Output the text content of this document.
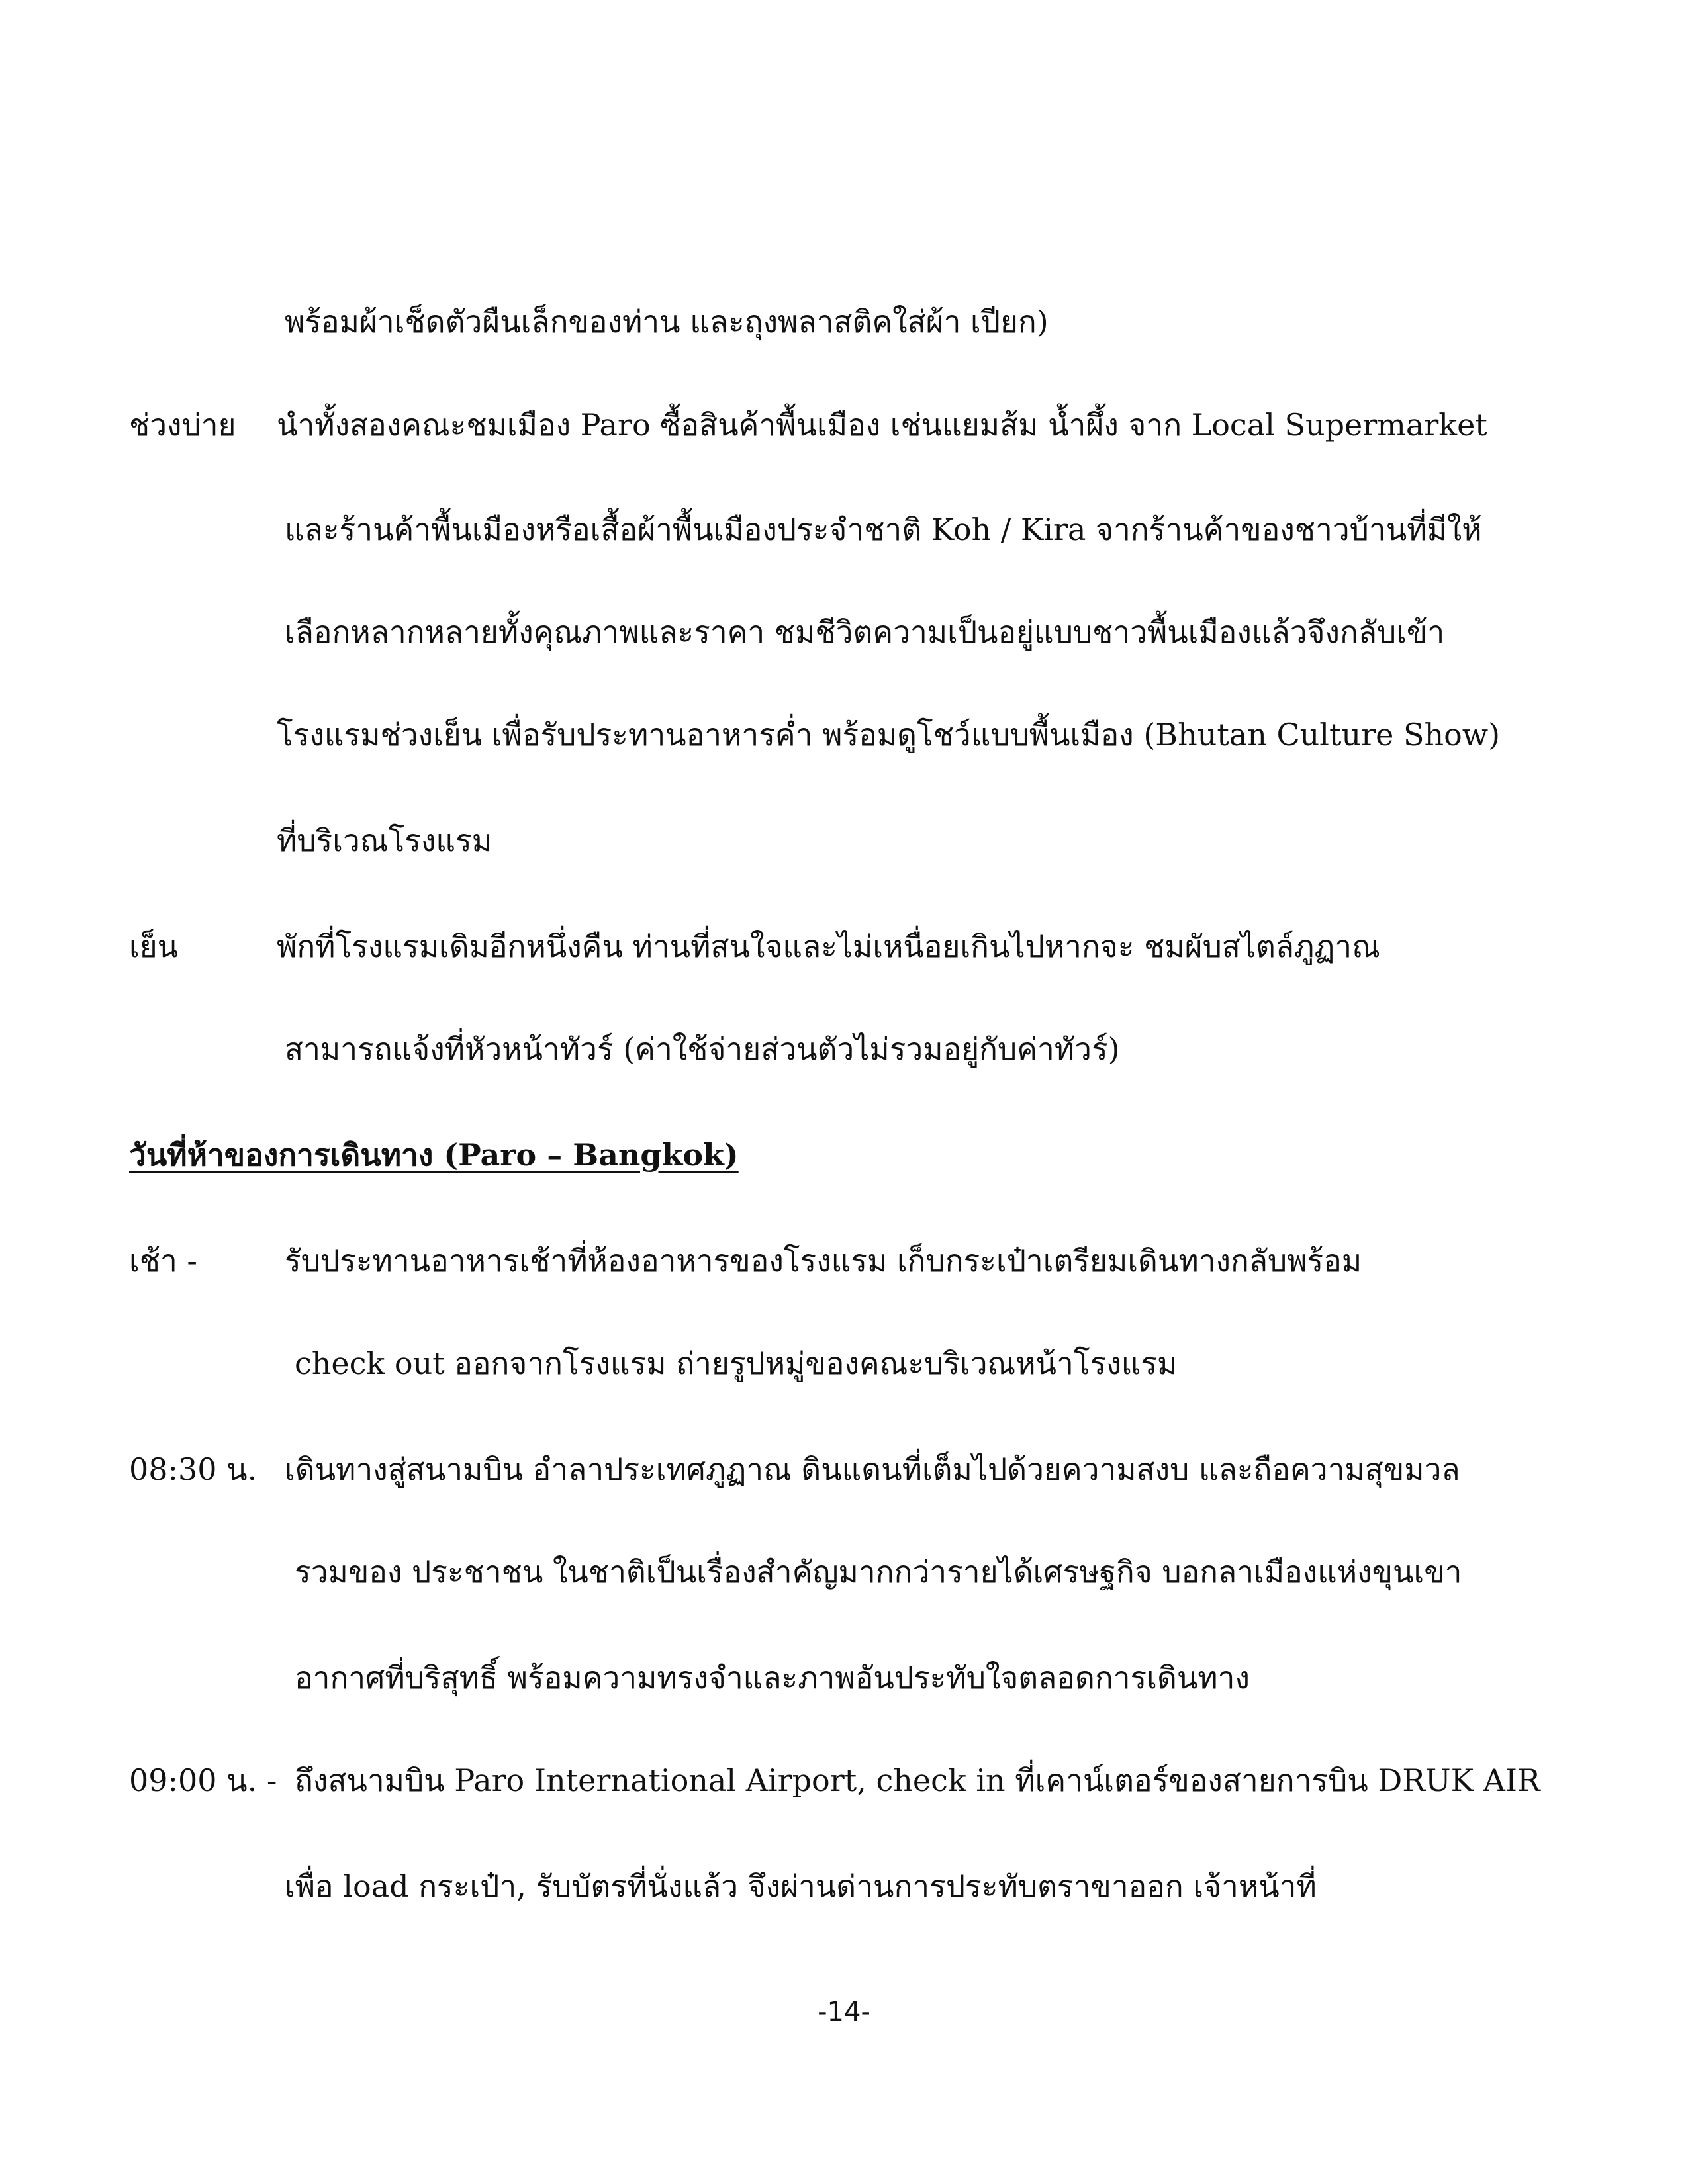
พร้อมผ้าเช็ดตัวผืนเล็กของท่าน และถุงพลาสติคใส่ผ้า เปียก)
ช่วงบ่าย นำทั้งสองคณะชมเมือง Paro ซื้อสินค้าพื้นเมือง เช่นแยมส้ม น้ำผึ้ง จาก Local Supermarket
และร้านค้าพื้นเมืองหรือเสื้อผ้าพื้นเมืองประจำชาติ Koh / Kira จากร้านค้าของชาวบ้านที่มีให้
เลือกหลากหลายทั้งคุณภาพและราคา ชมชีวิตความเป็นอยู่แบบชาวพื้นเมืองแล้วจึงกลับเข้า
โรงแรมช่วงเย็น เพื่อรับประทานอาหารค่ำ พร้อมดูโชว์แบบพื้นเมือง (Bhutan Culture Show)
ที่บริเวณโรงแรม
เย็น	พักที่โรงแรมเดิมอีกหนึ่งคืน ท่านที่สนใจและไม่เหนื่อยเกินไปหากจะ ชมผับสไตล์ภูฏาณ
สามารถแจ้งที่หัวหน้าทัวร์ (ค่าใช้จ่ายส่วนตัวไม่รวมอยู่กับค่าทัวร์)
วันที่ห้าของการเดินทาง (Paro – Bangkok)
เช้า -	รับประทานอาหารเช้าที่ห้องอาหารของโรงแรม เก็บกระเป๋าเตรียมเดินทางกลับพร้อม
check out ออกจากโรงแรม ถ่ายรูปหมู่ของคณะบริเวณหน้าโรงแรม
08:30 น. เดินทางสู่สนามบิน อำลาประเทศภูฏาณ ดินแดนที่เต็มไปด้วยความสงบ และถือความสุขมวล
รวมของ ประชาชน ในชาติเป็นเรื่องสำคัญมากกว่ารายได้เศรษฐกิจ บอกลาเมืองแห่งขุนเขา
อากาศที่บริสุทธิ์ พร้อมความทรงจำและภาพอันประทับใจตลอดการเดินทาง
09:00 น. - ถึงสนามบิน Paro International Airport, check in ที่เคาน์เตอร์ของสายการบิน DRUK AIR
เพื่อ load กระเป๋า, รับบัตรที่นั่งแล้ว จึงผ่านด่านการประทับตราขาออก เจ้าหน้าที่
-14-
